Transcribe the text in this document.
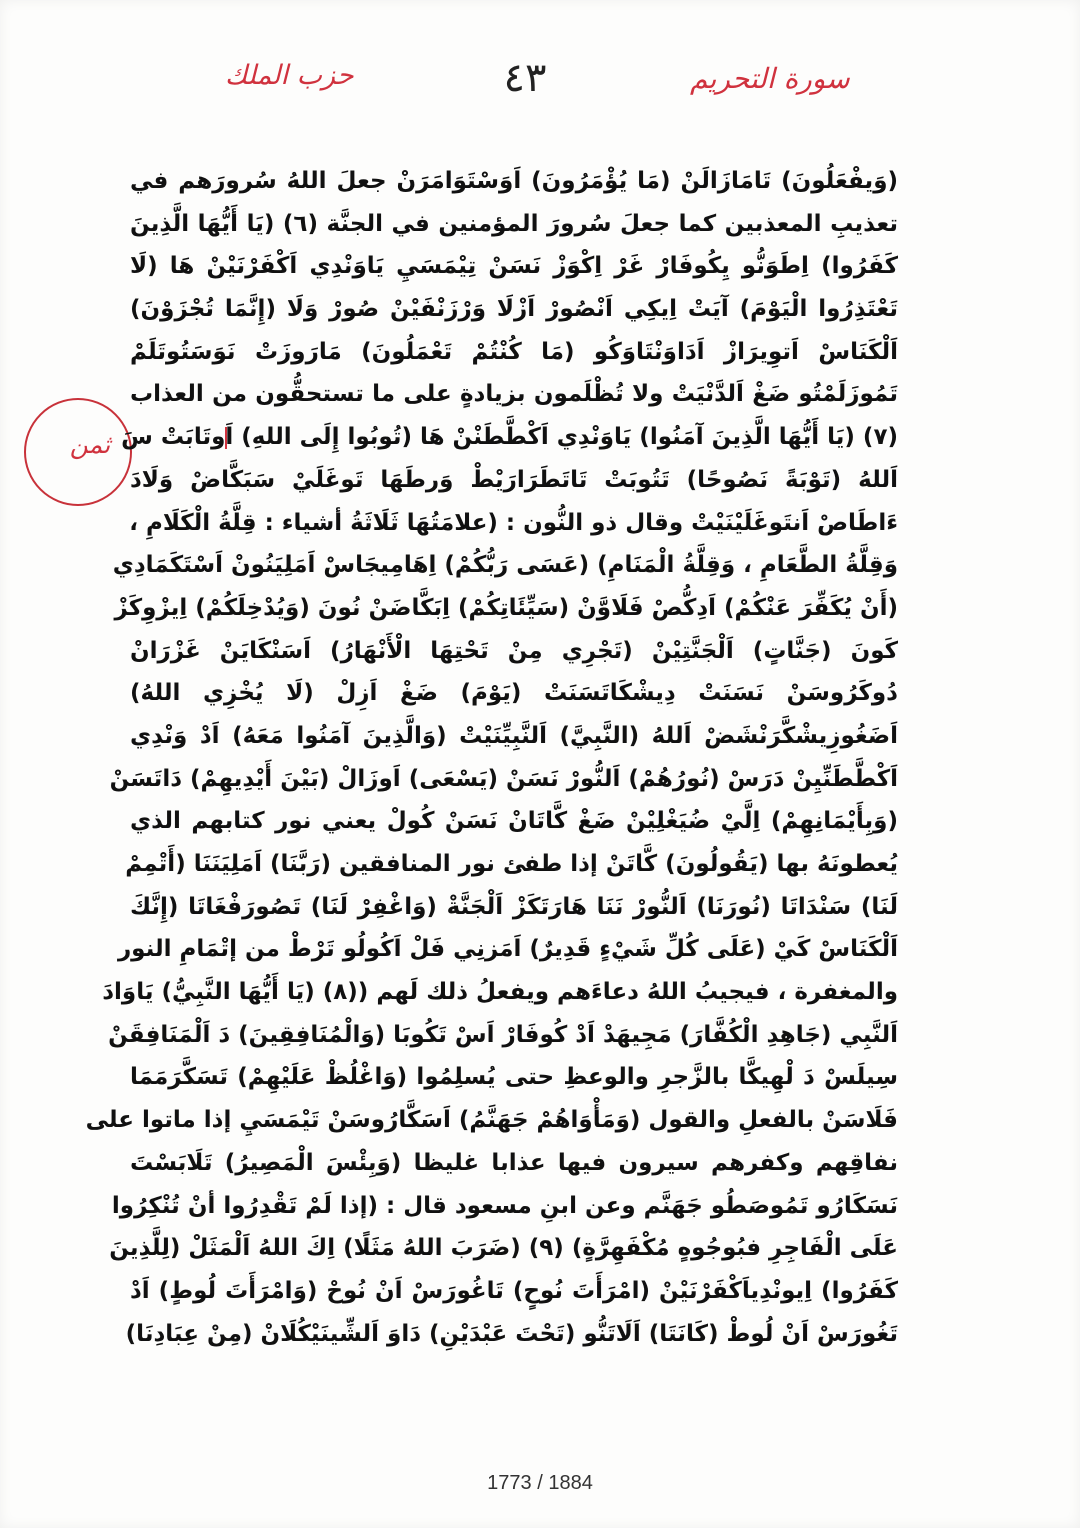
سورة التحريم
٤٣
حزب الملك
ثمن
(وَيفْعَلُونَ) تَامَازَالَنْ (مَا يُؤْمَرُونَ) اَوَسْتَوَامَرَنْ جعلَ اللهُ سُرورَهم في
تعذيبِ المعذبين كما جعلَ سُرورَ المؤمنين في الجنَّة (٦) (يَا أَيُّهَا الَّذِينَ
كَفَرُوا) اِطَوَنُّو يِكُوفَارْ غَرْ اِكْوَزْ نَسَنْ تِيْمَسَيِ يَاوَنْدِي اَكْفَرْنَيْنْ هَا (لَا
تَعْتَذِرُوا الْيَوْمَ) آيَتْ اِيكِي اَنْصُورْ اَزْلَا وَرْزَنْفَيْنْ صُورْ وَلَا (إِنَّمَا تُجْزَوْنَ)
اَلْكَنَاسْ اَتوِيرَازْ اَدَاوَنْتَاوَكُو (مَا كُنْتُمْ تَعْمَلُونَ) مَارَوزَتْ نَوَسَتُوتَلَمْ
تَمُوزَلَمْتُو ضَغْ اَلدَّنْيَتْ ولا تُظْلَمون بزيادةٍ على ما تستحقُّون من العذاب
(٧) (يَا أَيُّهَا الَّذِينَ آمَنُوا) يَاوَنْدِي اَكْطَّطَنْنْ هَا (تُوبُوا إِلَى اللهِ) اَوتَابَتْ سَ
اَللهُ (تَوْبَةً نَصُوحًا) تَتُوبَتْ تَاتَطَرَارَيْطْ وَرطَهَا تَوغَلَيْ سَبَكَّاضْ وَلَادَ
ءَاطَاصْ اَنتَوغَلَيْنَيْتْ وقال ذو النُّون : (علامَتُهَا ثَلَاثَةُ أشياء : قِلَّةُ الْكَلَامِ ،
وَقِلَّةُ الطَّعَامِ ، وَقِلَّةُ الْمَنَامِ) (عَسَى رَبُّكُمْ) اِهَامِيجَاسْ اَمَلِيَنُونْ اَسْتَكَمَادِي
(أَنْ يُكَفِّرَ عَنْكُمْ) اَدِكُّصْ فَلَاوَّنْ (سَيِّئَاتِكُمْ) اِبَكَّاضَنْ نُونَ (وَيُدْخِلَكُمْ) اِيزْوِكَزْ
كَونَ (جَنَّاتٍ) اَلْجَنَّتِيْنْ (تَجْرِي مِنْ تَحْتِهَا الْأَنْهَارُ) اَسَنْكَايَنْ غَزْرَانْ
دُوكَرُوسَنْ نَسَنَتْ دِيشْكَاتَسَنَتْ (يَوْمَ) ضَغْ اَزِلْ (لَا يُخْزِي اللهُ)
اَضَغُوزِيشْكَّرَنْشَضْ اَللهُ (النَّبِيَّ) اَلنَّبِيِّنَيْتْ (وَالَّذِينَ آمَنُوا مَعَهُ) اَدْ وَنْدِي
اَكْطَّطَنِّيِنْ دَرَسْ (نُورُهُمْ) اَلنُّورْ نَسَنْ (يَسْعَى) اَوزَالْ (بَيْنَ أَيْدِيهِمْ) دَاتَسَنْ
(وَبِأَيْمَانِهِمْ) اِلَّيْ ضُيَغْلِيْنْ ضَغْ كَّاتَانْ نَسَنْ كُولْ يعني نور كتابهم الذي
يُعطونَهُ بها (يَقُولُونَ) كَّاتَنْ إذا طفئ نور المنافقين (رَبَّنَا) اَمَلِيَنَنَا (أَتْمِمْ
لَنَا) سَنْدَاتَا (نُورَنَا) اَلنُّورْ نَنَا هَارَتَكَزْ اَلْجَنَّةْ (وَاغْفِرْ لَنَا) تَصُورَفْغَاتَا (إِنَّكَ
اَلْكَنَاسْ كَيْ (عَلَى كُلِّ شَيْءٍ قَدِيرٌ) اَمَزنِي فَلْ اَكُولُو تَرْطْ من إتْمَامِ النور
والمغفرة ، فيجيبُ اللهُ دعاءَهم ويفعلُ ذلك لَهم ((٨) (يَا أَيُّهَا النَّبِيُّ) يَاوَادَ
اَلنَّبِي (جَاهِدِ الْكُفَّارَ) مَجِيهَدْ اَدْ كُوفَارْ اَسْ تَكُوبَا (وَالْمُنَافِقِينَ) دَ اَلْمَنَافِقَنْ
سِيلَسْ دَ لْهِيكَّا بالزَّجرِ والوعظِ حتى يُسلِمُوا (وَاغْلُظْ عَلَيْهِمْ) تَسَكَّرَمَمَا
فَلَاسَنْ بالفعلِ والقول (وَمَأْوَاهُمْ جَهَنَّمُ) اَسَكَّارُوسَنْ تَيْمَسَيِ إذا ماتوا على
نفاقِهم وكفرهم سيرون فيها عذابا غليظا (وَبِئْسَ الْمَصِيرُ) تَلَابَسْتَ
نَسَكَارُو تَمُوصَطُو جَهَنَّم وعن ابنِ مسعود قال : (إذا لَمْ تَقْدِرُوا أنْ تُنْكِرُوا
عَلَى الْفَاجِرِ فبُوجُوهٍ مُكْفَهِرَّةٍ) (٩) (ضَرَبَ اللهُ مَثَلًا) اِكَ اللهُ اَلْمَثَلْ (لِلَّذِينَ
كَفَرُوا) اِيونْدِياَكْفَرْنَيْنْ (امْرَأَتَ نُوحٍ) تَاغُورَسْ اَنْ نُوحْ (وَامْرَأَتَ لُوطٍ) اَدْ
تَغُورَسْ اَنْ لُوطْ (كَانَتَا) اَلَاتَنُّو (تَحْتَ عَبْدَيْنِ) دَاوَ اَلشِّينَيْكُلَانْ (مِنْ عِبَادِنَا)
1773 / 1884
